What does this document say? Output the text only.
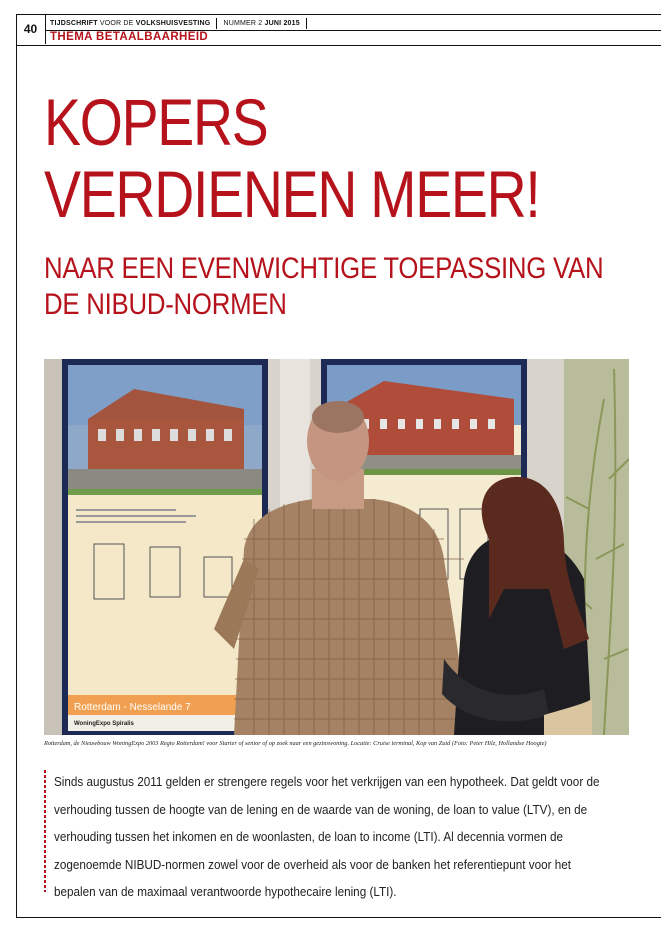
40	TIJDSCHRIFT VOOR DE VOLKSHUISVESTING NUMMER 2
JUNI 2015
THEMA BETAALBAARHEID
KOPERS
VERDIENEN MEER!
NAAR EEN EVENWICHTIGE TOEPASSING VAN
DE NIBUD-NORMEN
Rotterdam - Nesselande 7
WoningExpo Spiralis
Rotterdam, de Nieuwbouw WoningExpo 2003 Regio Rotterdam! voor Starter of senior of op zoek naar een gezinswoning. Locatie: Cruise terminal, Kop van Zuid (Foto: Peter Hilz, Hollandse Hoogte)
Sinds augustus 2011 gelden er strengere regels voor het verkrijgen van een hypotheek. Dat geldt voor de
verhouding tussen de hoogte van de lening en de waarde van de woning, de loan to value (LTV), en de
verhouding tussen het inkomen en de woonlasten, de loan to income (LTI). Al decennia vormen de
zogenoemde NIBUD-normen zowel voor de overheid als voor de banken het referentiepunt voor het
bepalen van de maximaal verantwoorde hypothecaire lening (LTI).
